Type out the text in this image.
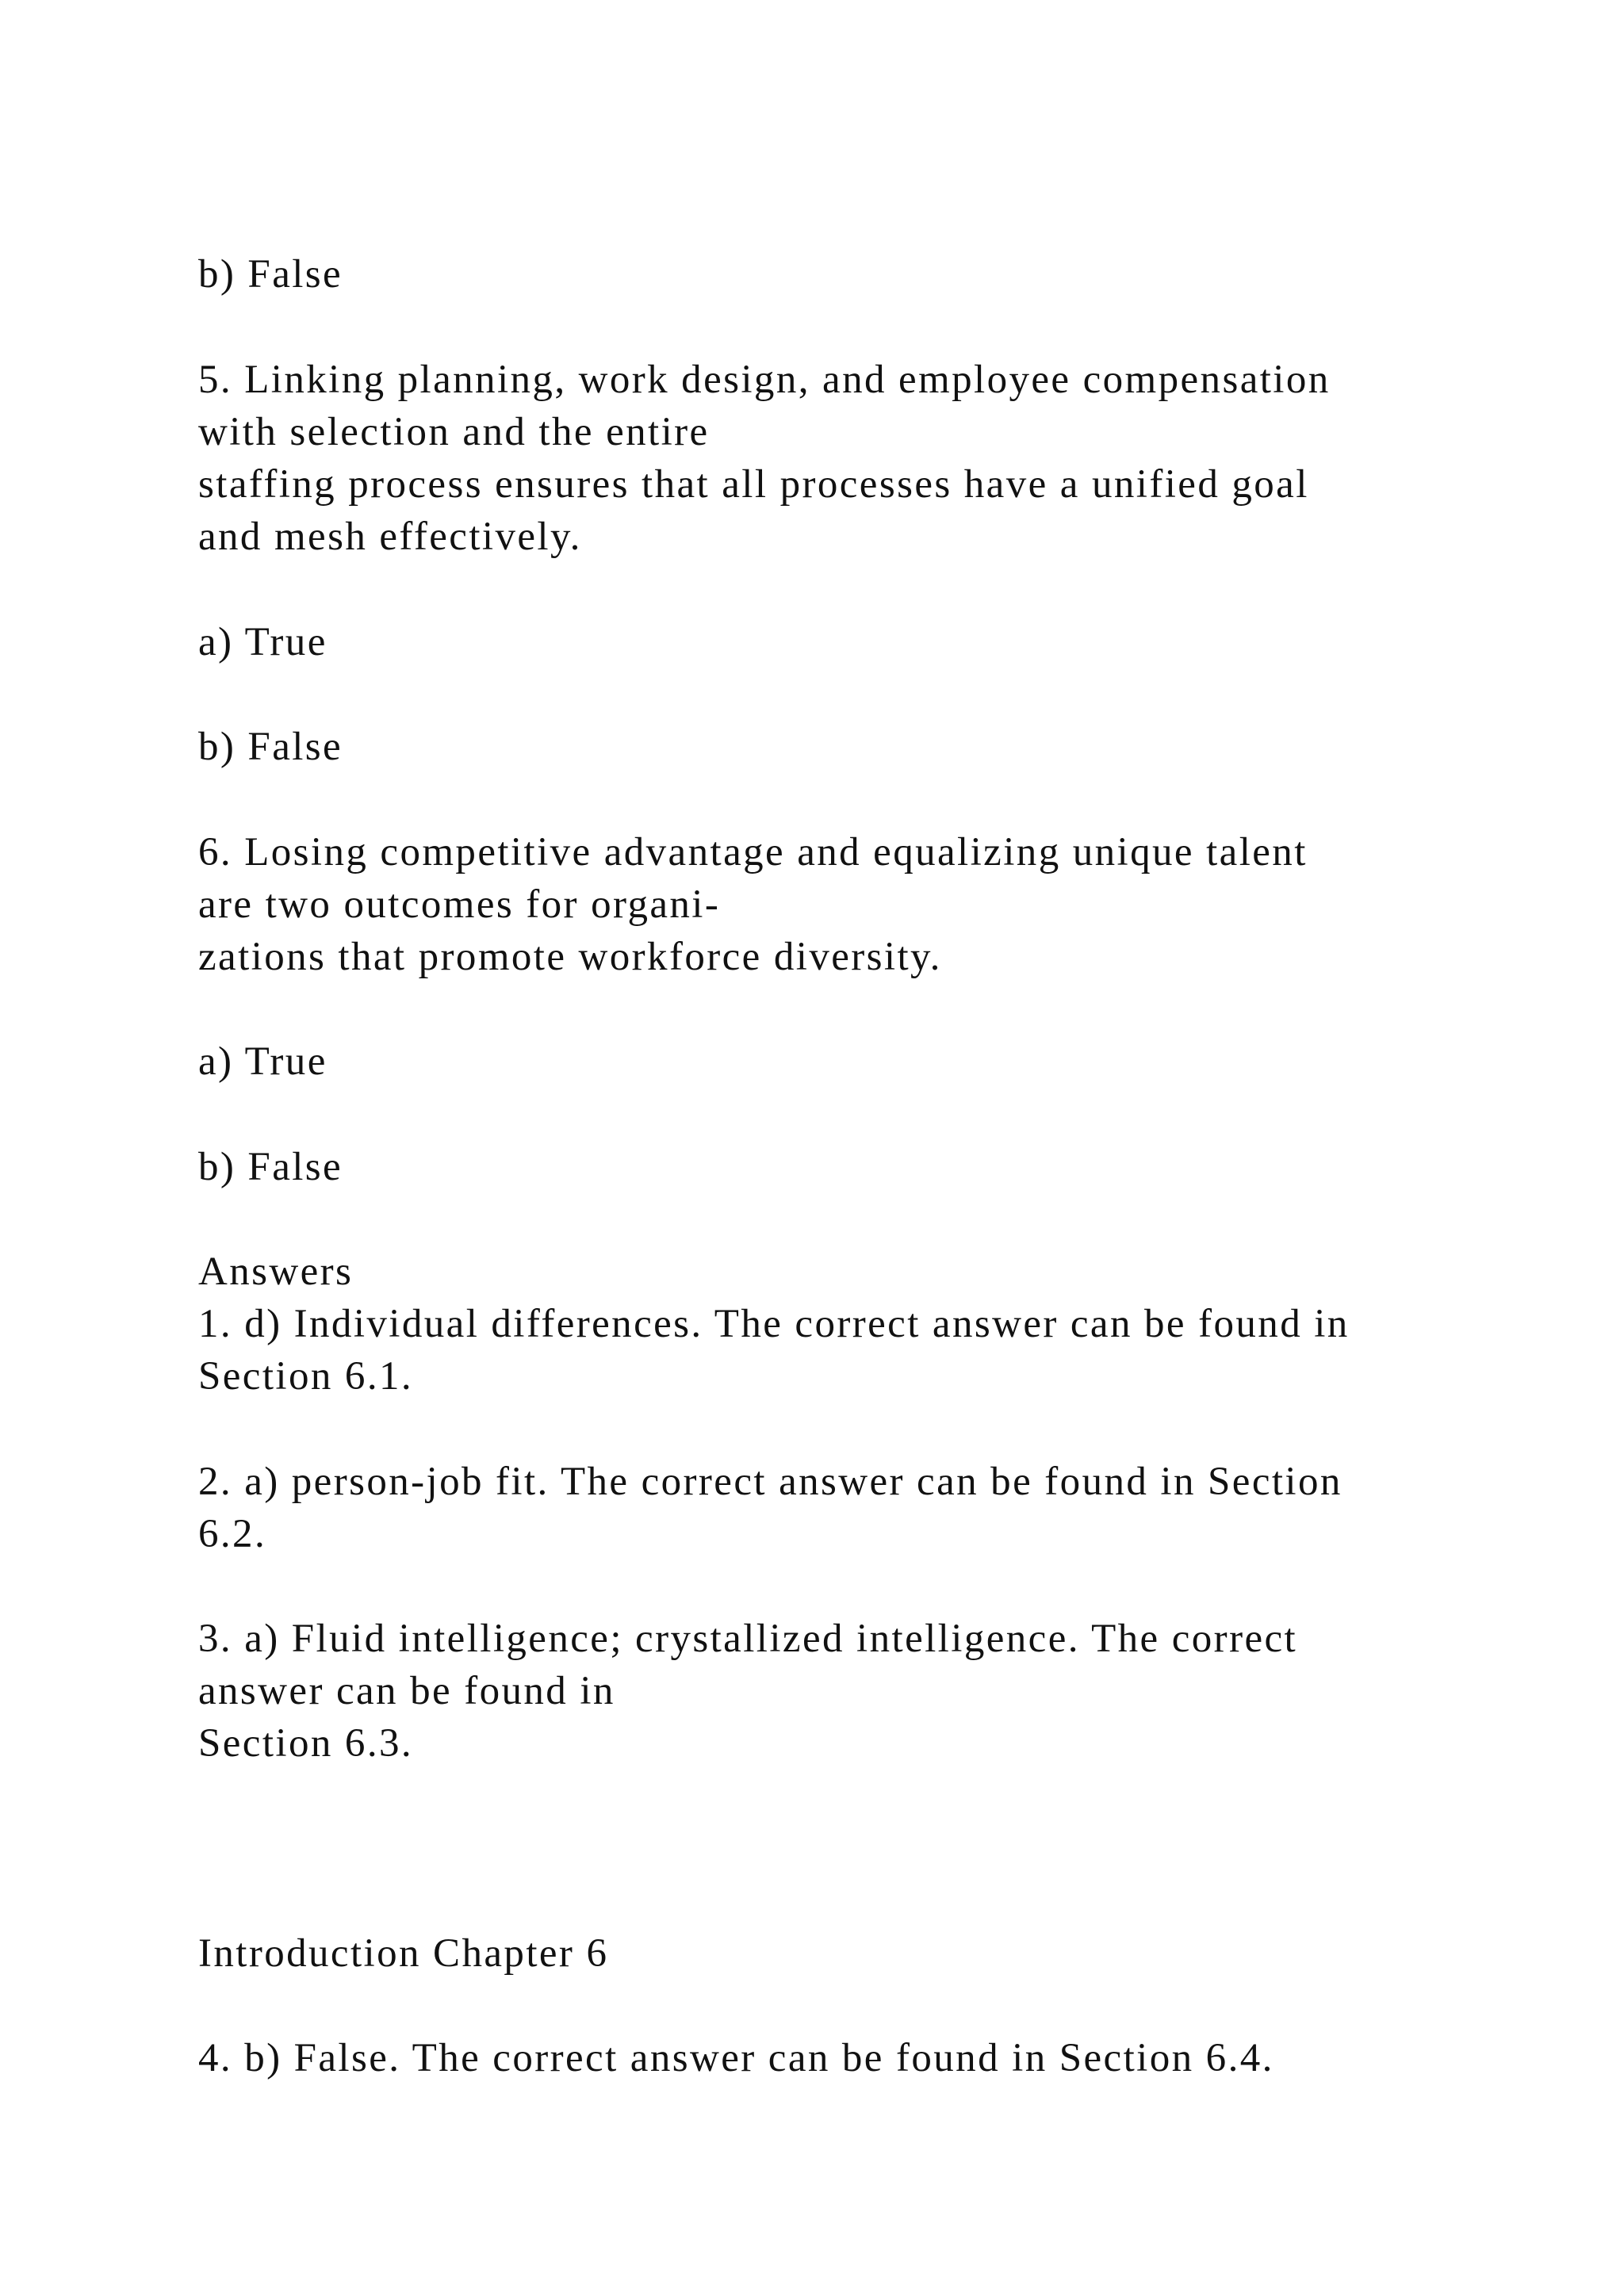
b) False

5. Linking planning, work design, and employee compensation

with selection and the entire

staffing process ensures that all processes have a unified goal

and mesh effectively.

a) True

b) False

6. Losing competitive advantage and equalizing unique talent

are two outcomes for organi-

zations that promote workforce diversity.

a) True

b) False

Answers

1. d) Individual differences. The correct answer can be found in

Section 6.1.

2. a) person-job fit. The correct answer can be found in Section

6.2.

3. a) Fluid intelligence; crystallized intelligence. The correct

answer can be found in

Section 6.3.

Introduction Chapter 6

4. b) False. The correct answer can be found in Section 6.4.
